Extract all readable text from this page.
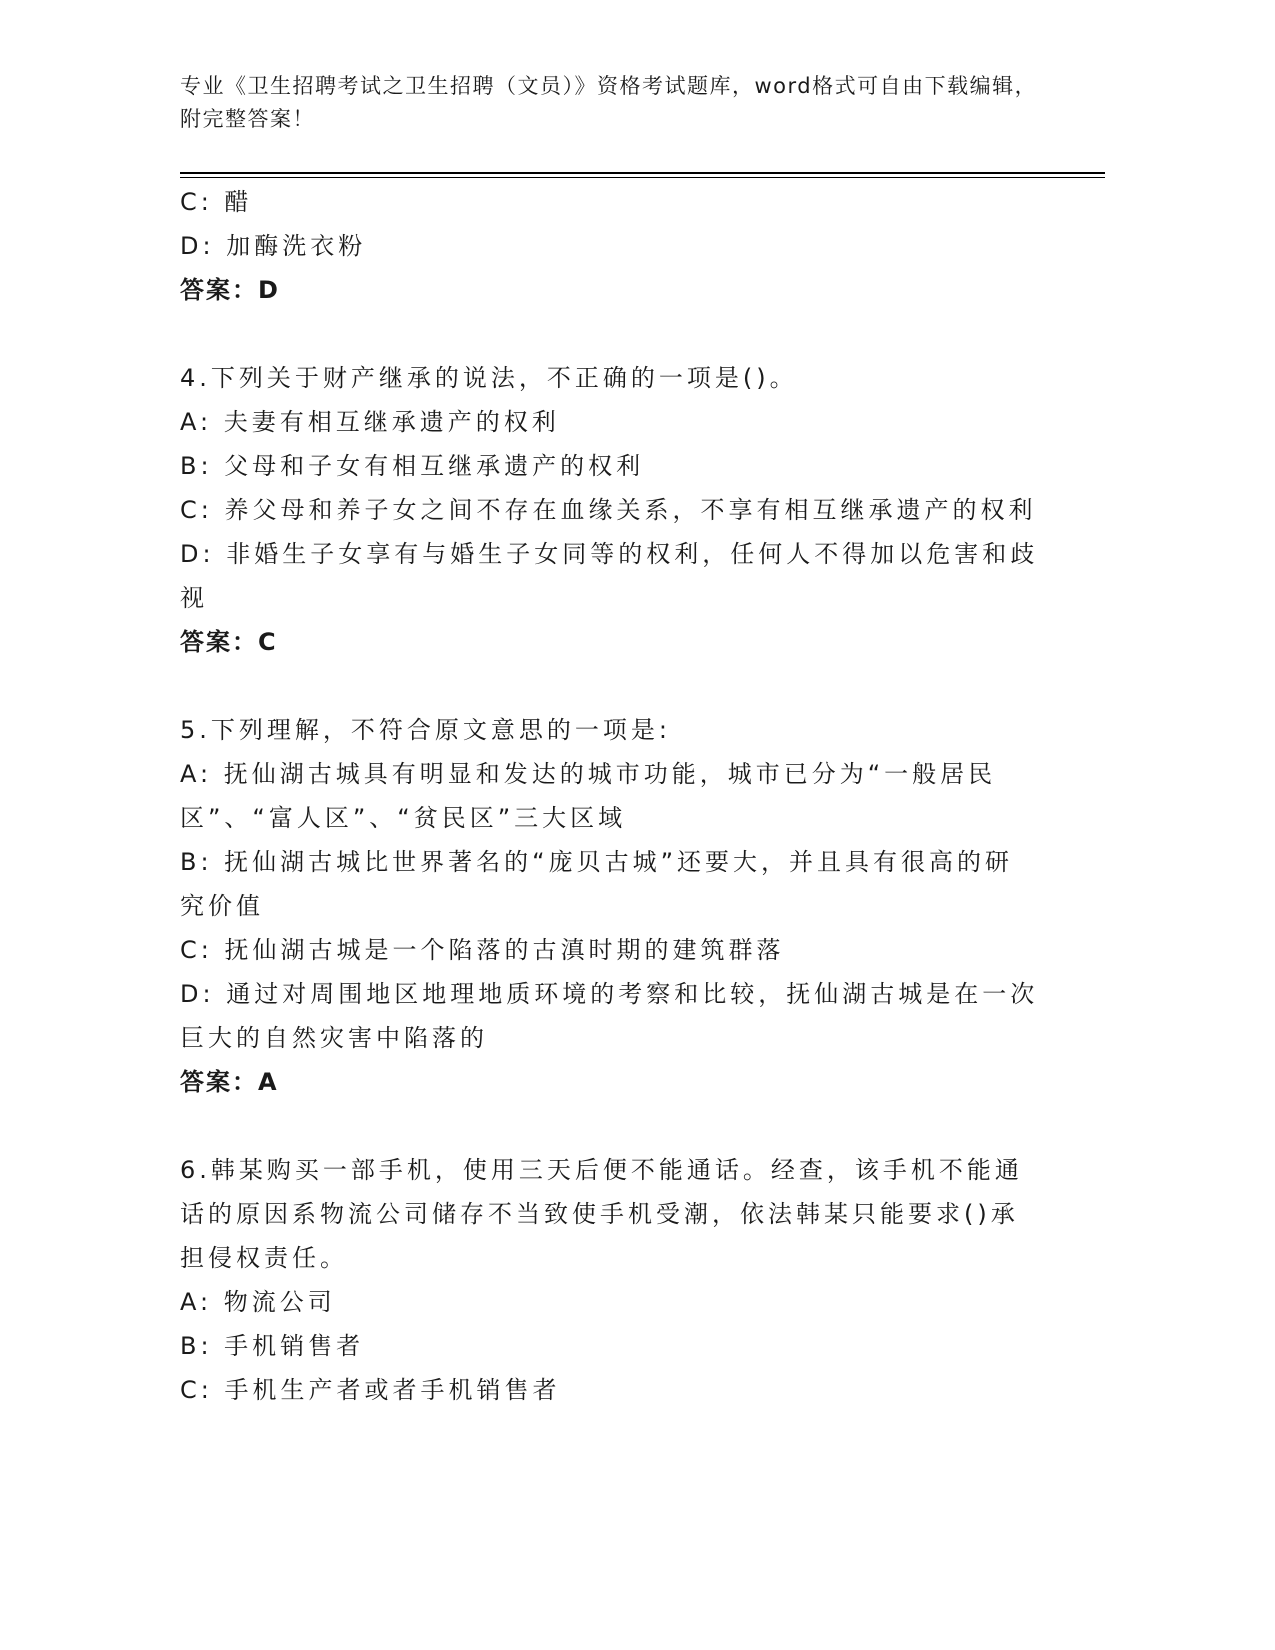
专业《卫生招聘考试之卫生招聘（文员）》资格考试题库，word格式可自由下载编辑，附完整答案！
C: 醋
D: 加酶洗衣粉
答案：D
4.下列关于财产继承的说法，不正确的一项是()。
A: 夫妻有相互继承遗产的权利
B: 父母和子女有相互继承遗产的权利
C: 养父母和养子女之间不存在血缘关系，不享有相互继承遗产的权利
D: 非婚生子女享有与婚生子女同等的权利，任何人不得加以危害和歧视
答案：C
5.下列理解，不符合原文意思的一项是:
A: 抚仙湖古城具有明显和发达的城市功能，城市已分为“一般居民区”、“富人区”、“贫民区”三大区域
B: 抚仙湖古城比世界著名的“庞贝古城”还要大，并且具有很高的研究价值
C: 抚仙湖古城是一个陷落的古滇时期的建筑群落
D: 通过对周围地区地理地质环境的考察和比较，抚仙湖古城是在一次巨大的自然灾害中陷落的
答案：A
6.韩某购买一部手机，使用三天后便不能通话。经查，该手机不能通话的原因系物流公司储存不当致使手机受潮，依法韩某只能要求()承担侵权责任。
A: 物流公司
B: 手机销售者
C: 手机生产者或者手机销售者
